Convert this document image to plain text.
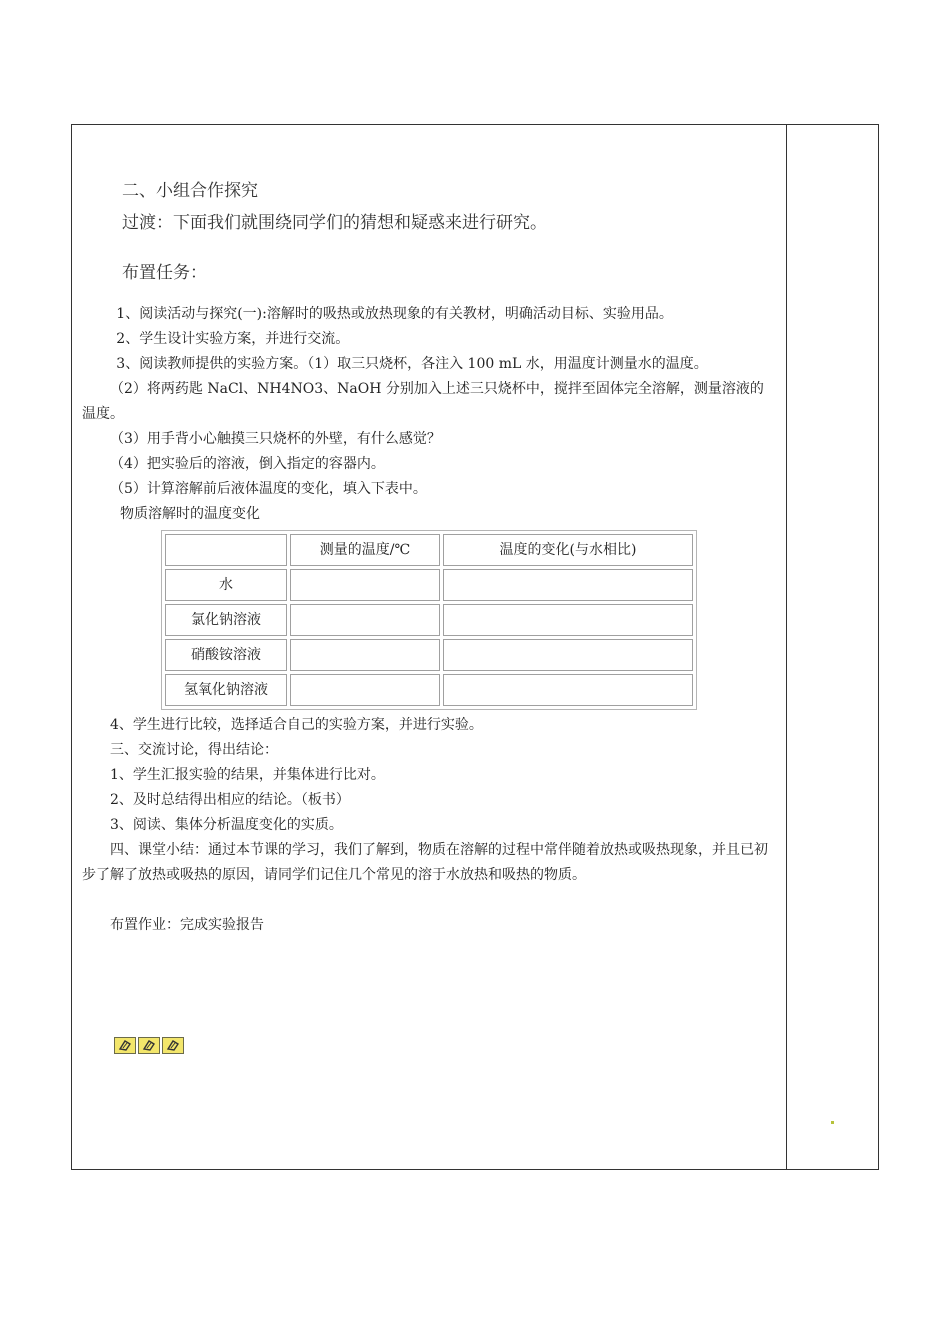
二、小组合作探究
过渡：下面我们就围绕同学们的猜想和疑惑来进行研究。
布置任务：

1、阅读活动与探究(一):溶解时的吸热或放热现象的有关教材，明确活动目标、实验用品。

2、学生设计实验方案，并进行交流。

3、阅读教师提供的实验方案。（1）取三只烧杯，各注入 100 mL 水，用温度计测量水的温度。

（2）将两药匙 NaCl、NH4NO3、NaOH 分别加入上述三只烧杯中，搅拌至固体完全溶解，测量溶液的温度。

（3）用手背小心触摸三只烧杯的外壁，有什么感觉？

（4）把实验后的溶液，倒入指定的容器内。

（5）计算溶解前后液体温度的变化，填入下表中。

物质溶解时的温度变化
	测量的温度/℃	温度的变化(与水相比)
水		
氯化钠溶液		
硝酸铵溶液		
氢氧化钠溶液		

4、学生进行比较，选择适合自己的实验方案，并进行实验。

三、交流讨论，得出结论：

1、学生汇报实验的结果，并集体进行比对。

2、及时总结得出相应的结论。（板书）

3、阅读、集体分析温度变化的实质。

四、课堂小结：通过本节课的学习，我们了解到，物质在溶解的过程中常伴随着放热或吸热现象，并且已初步了解了放热或吸热的原因，请同学们记住几个常见的溶于水放热和吸热的物质。

布置作业：完成实验报告
